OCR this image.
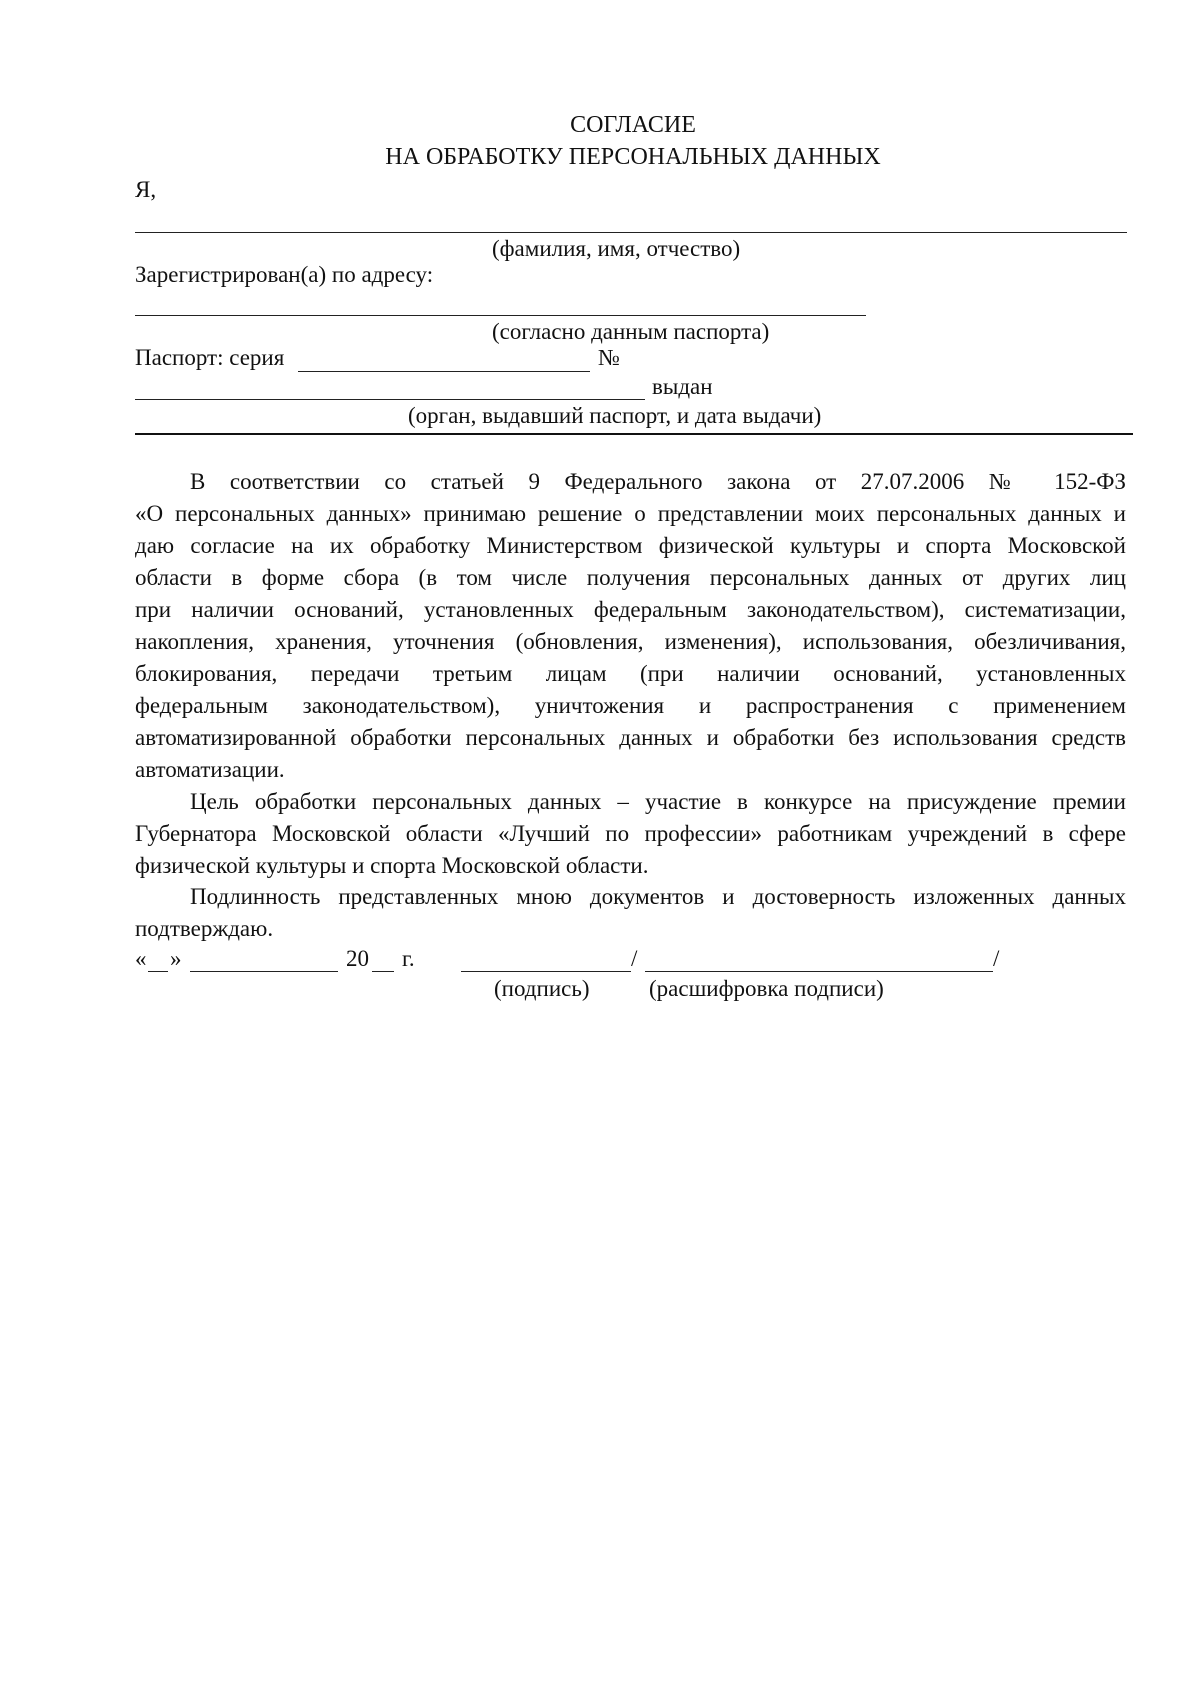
СОГЛАСИЕ
НА ОБРАБОТКУ ПЕРСОНАЛЬНЫХ ДАННЫХ
Я,
(фамилия, имя, отчество)
Зарегистрирован(а) по адресу:
(согласно данным паспорта)
Паспорт: серия	№
выдан
(орган, выдавший паспорт, и дата выдачи)
В соответствии со статьей 9 Федерального закона от 27.07.2006 № 152-ФЗ
«О персональных данных» принимаю решение о представлении моих персональных данных и
даю согласие на их обработку Министерством физической культуры и спорта Московской
области в форме сбора (в том числе получения персональных данных от других лиц
при наличии оснований, установленных федеральным законодательством), систематизации,
накопления, хранения, уточнения (обновления, изменения), использования, обезличивания,
блокирования, передачи третьим лицам (при наличии оснований, установленных
федеральным законодательством), уничтожения и распространения с применением
автоматизированной обработки персональных данных и обработки без использования средств
автоматизации.
Цель обработки персональных данных – участие в конкурсе на присуждение премии
Губернатора Московской области «Лучший по профессии» работникам учреждений в сфере
физической культуры и спорта Московской области.
Подлинность представленных мною документов и достоверность изложенных данных
подтверждаю.
« »	20 г.	/	/
(подпись)	(расшифровка подписи)
